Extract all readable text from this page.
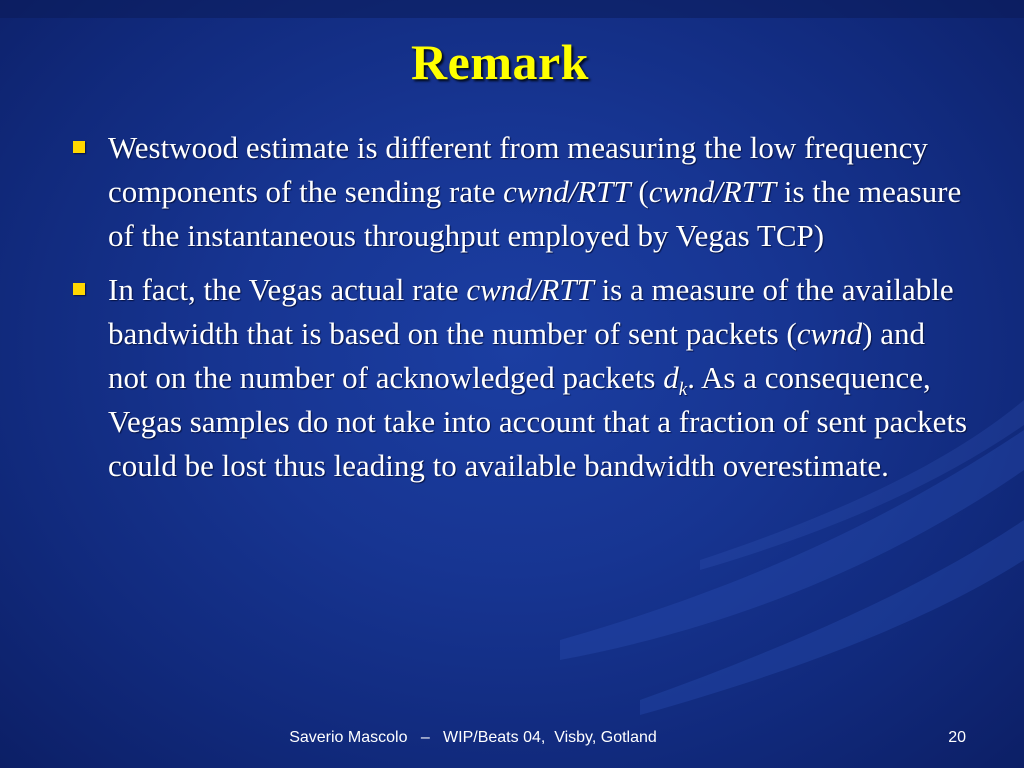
Remark
Westwood estimate is different from measuring the low frequency components of the sending rate cwnd/RTT (cwnd/RTT is the measure of the instantaneous throughput employed by Vegas TCP)
In fact, the Vegas actual rate cwnd/RTT is a measure of the available bandwidth that is based on the number of sent packets (cwnd) and not on the number of acknowledged packets $d_k$. As a consequence, Vegas samples do not take into account that a fraction of sent packets could be lost thus leading to available bandwidth overestimate.
Saverio Mascolo   –   WIP/Beats 04,  Visby, Gotland	20
